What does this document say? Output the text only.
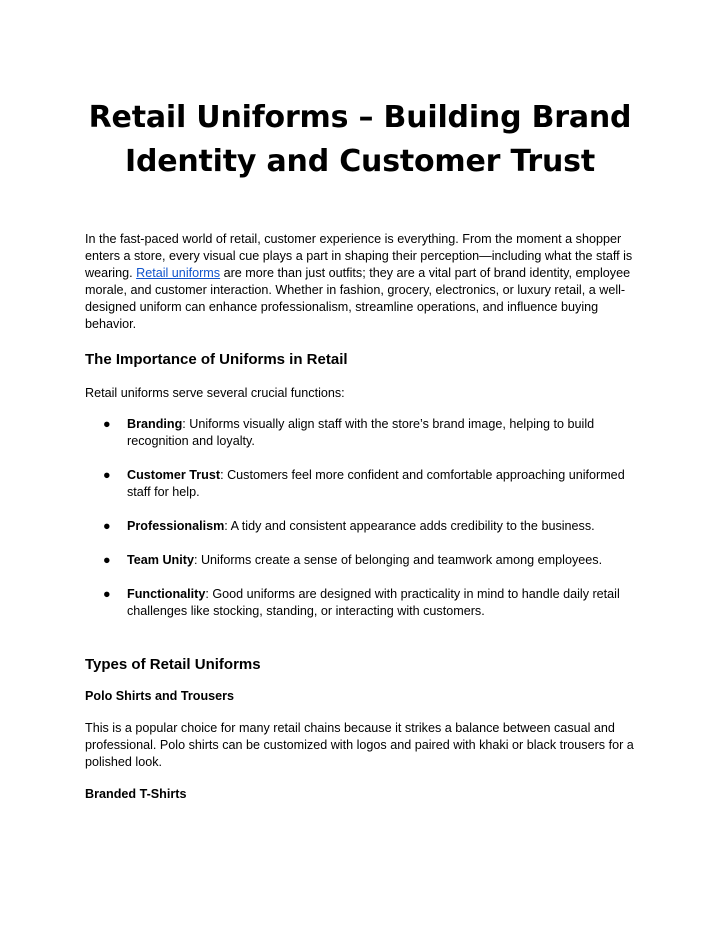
Retail Uniforms – Building Brand Identity and Customer Trust

In the fast-paced world of retail, customer experience is everything. From the moment a shopper enters a store, every visual cue plays a part in shaping their perception—including what the staff is wearing. Retail uniforms are more than just outfits; they are a vital part of brand identity, employee morale, and customer interaction. Whether in fashion, grocery, electronics, or luxury retail, a well-designed uniform can enhance professionalism, streamline operations, and influence buying behavior.

The Importance of Uniforms in Retail

Retail uniforms serve several crucial functions:

● Branding: Uniforms visually align staff with the store’s brand image, helping to build recognition and loyalty.
● Customer Trust: Customers feel more confident and comfortable approaching uniformed staff for help.
● Professionalism: A tidy and consistent appearance adds credibility to the business.
● Team Unity: Uniforms create a sense of belonging and teamwork among employees.
● Functionality: Good uniforms are designed with practicality in mind to handle daily retail challenges like stocking, standing, or interacting with customers.
Types of Retail Uniforms
Polo Shirts and Trousers

This is a popular choice for many retail chains because it strikes a balance between casual and professional. Polo shirts can be customized with logos and paired with khaki or black trousers for a polished look.

Branded T-Shirts
